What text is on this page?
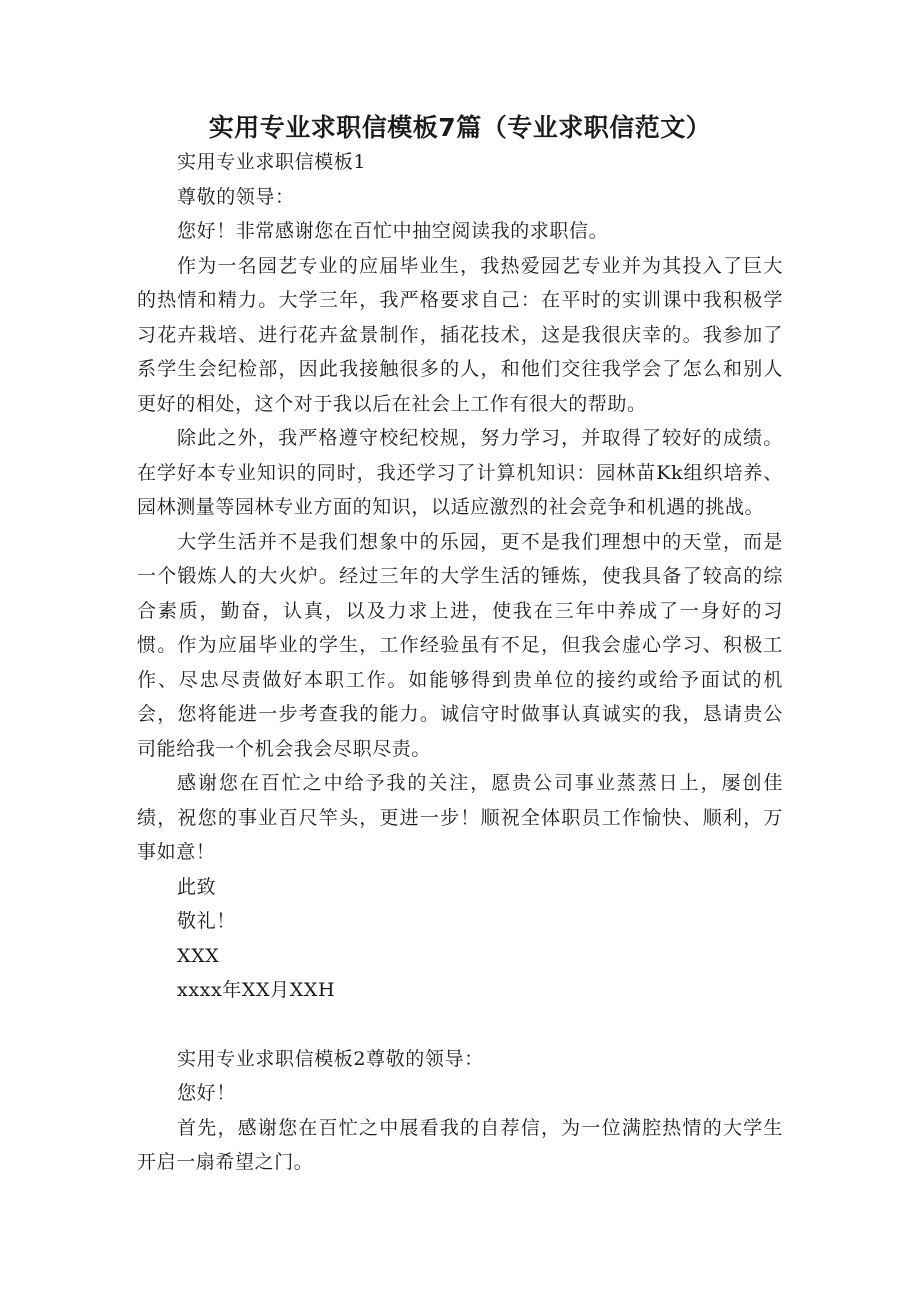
实用专业求职信模板7篇（专业求职信范文）

实用专业求职信模板1

尊敬的领导：

您好！非常感谢您在百忙中抽空阅读我的求职信。

作为一名园艺专业的应届毕业生，我热爱园艺专业并为其投入了巨大的热情和精力。大学三年，我严格要求自己：在平时的实训课中我积极学习花卉栽培、进行花卉盆景制作，插花技术，这是我很庆幸的。我参加了系学生会纪检部，因此我接触很多的人，和他们交往我学会了怎么和别人更好的相处，这个对于我以后在社会上工作有很大的帮助。

除此之外，我严格遵守校纪校规，努力学习，并取得了较好的成绩。在学好本专业知识的同时，我还学习了计算机知识：园林苗Kk组织培养、园林测量等园林专业方面的知识，以适应激烈的社会竞争和机遇的挑战。

大学生活并不是我们想象中的乐园，更不是我们理想中的天堂，而是一个锻炼人的大火炉。经过三年的大学生活的锤炼，使我具备了较高的综合素质，勤奋，认真，以及力求上进，使我在三年中养成了一身好的习惯。作为应届毕业的学生，工作经验虽有不足，但我会虚心学习、积极工作、尽忠尽责做好本职工作。如能够得到贵单位的接约或给予面试的机会，您将能进一步考查我的能力。诚信守时做事认真诚实的我，恳请贵公司能给我一个机会我会尽职尽责。

感谢您在百忙之中给予我的关注，愿贵公司事业蒸蒸日上，屡创佳绩，祝您的事业百尺竿头，更进一步！顺祝全体职员工作愉快、顺利，万事如意！

此致

敬礼！

XXX

xxxx年XX月XXH

实用专业求职信模板2尊敬的领导：

您好！

首先，感谢您在百忙之中展看我的自荐信，为一位满腔热情的大学生开启一扇希望之门。
